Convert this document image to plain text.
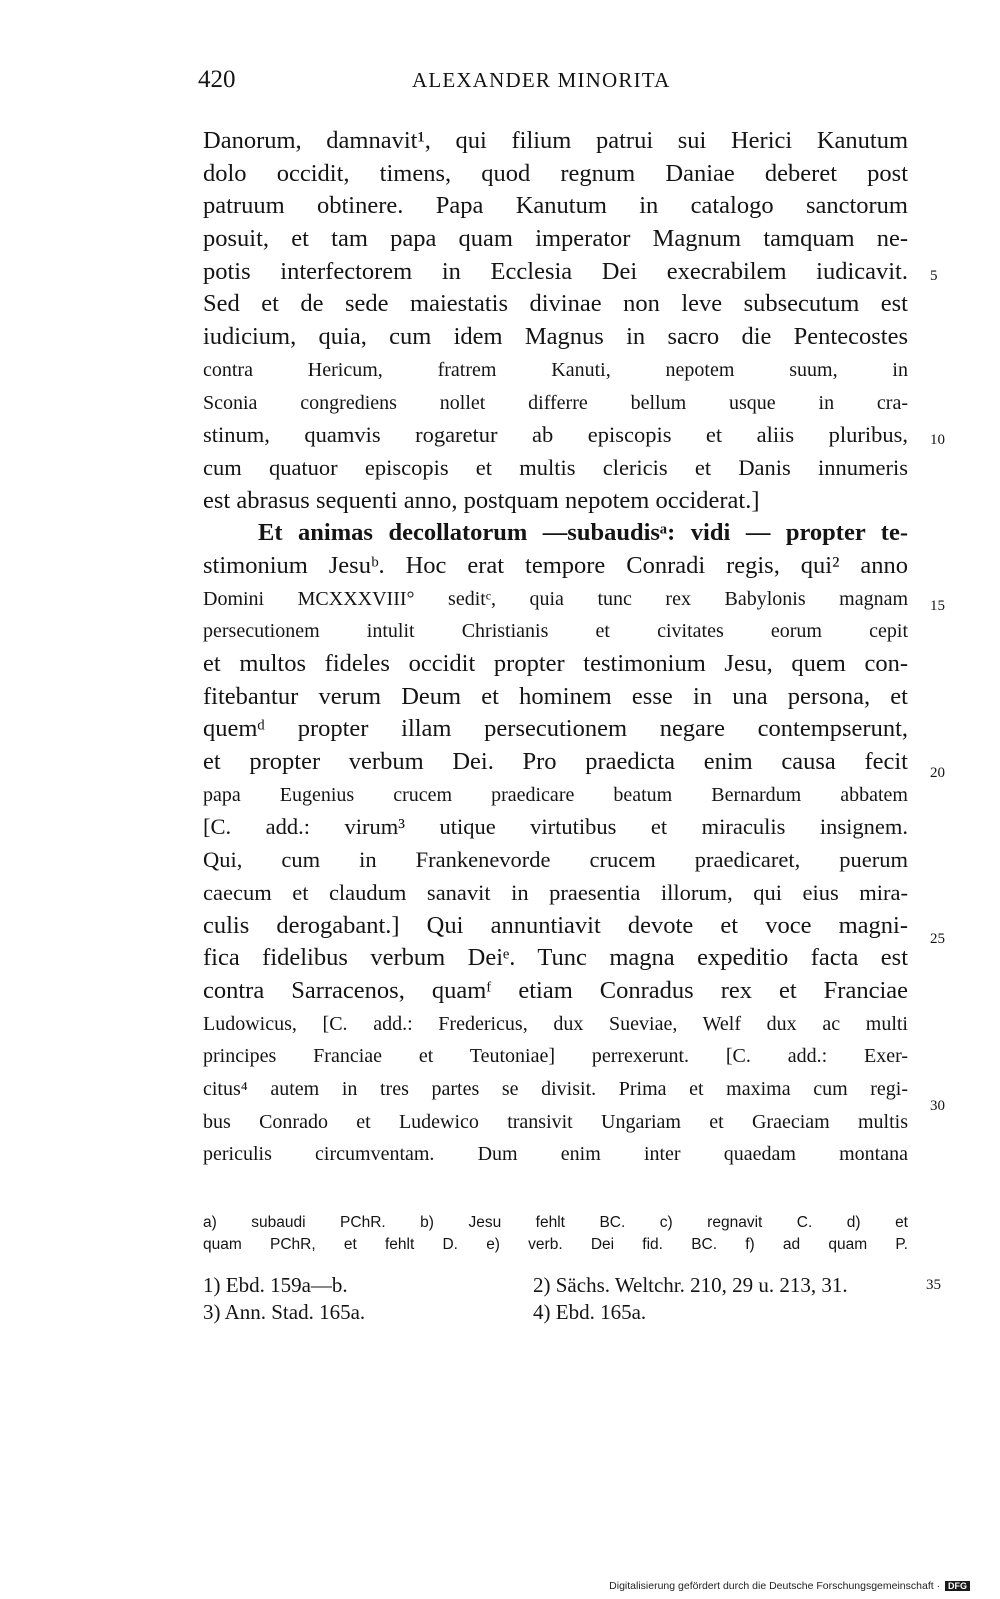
420	ALEXANDER MINORITA
Danorum, damnavit¹, qui filium patrui sui Herici Kanutum
dolo occidit, timens, quod regnum Daniae deberet post
patruum obtinere. Papa Kanutum in catalogo sanctorum
posuit, et tam papa quam imperator Magnum tamquam ne-
potis interfectorem in Ecclesia Dei execrabilem iudicavit.
Sed et de sede maiestatis divinae non leve subsecutum est
iudicium, quia, cum idem Magnus in sacro die Pentecostes
contra Hericum, fratrem Kanuti, nepotem suum, in
Sconia congrediens nollet differre bellum usque in cra-
stinum, quamvis rogaretur ab episcopis et aliis pluribus,
cum quatuor episcopis et multis clericis et Danis innumeris
est abrasus sequenti anno, postquam nepotem occiderat.]
Et animas decollatorum —subaudisᵃ: vidi — propter te-
stimonium Jesuᵇ. Hoc erat tempore Conradi regis, qui² anno
Domini MCXXXVIII° seditᶜ, quia tunc rex Babylonis magnam
persecutionem intulit Christianis et civitates eorum cepit
et multos fideles occidit propter testimonium Jesu, quem con-
fitebantur verum Deum et hominem esse in una persona, et
quemᵈ propter illam persecutionem negare contempserunt,
et propter verbum Dei. Pro praedicta enim causa fecit
papa Eugenius crucem praedicare beatum Bernardum abbatem
[C. add.: virum³ utique virtutibus et miraculis insignem.
Qui, cum in Frankenevorde crucem praedicaret, puerum
caecum et claudum sanavit in praesentia illorum, qui eius mira-
culis derogabant.] Qui annuntiavit devote et voce magni-
fica fidelibus verbum Deiᵉ. Tunc magna expeditio facta est
contra Sarracenos, quamᶠ etiam Conradus rex et Franciae
Ludowicus, [C. add.: Fredericus, dux Sueviae, Welf dux ac multi
principes Franciae et Teutoniae] perrexerunt. [C. add.: Exer-
citus⁴ autem in tres partes se divisit. Prima et maxima cum regi-
bus Conrado et Ludewico transivit Ungariam et Graeciam multis
periculis circumventam. Dum enim inter quaedam montana
5
10
15
20
25
30
a) subaudi PChR. b) Jesu fehlt BC. c) regnavit C. d) et
quam PChR, et fehlt D. e) verb. Dei fid. BC. f) ad quam P.
1) Ebd. 159a—b.	2) Sächs. Weltchr. 210, 29 u. 213, 31.
3) Ann. Stad. 165a.	4) Ebd. 165a.
35
Digitalisierung gefördert durch die Deutsche Forschungsgemeinschaft · DFG
